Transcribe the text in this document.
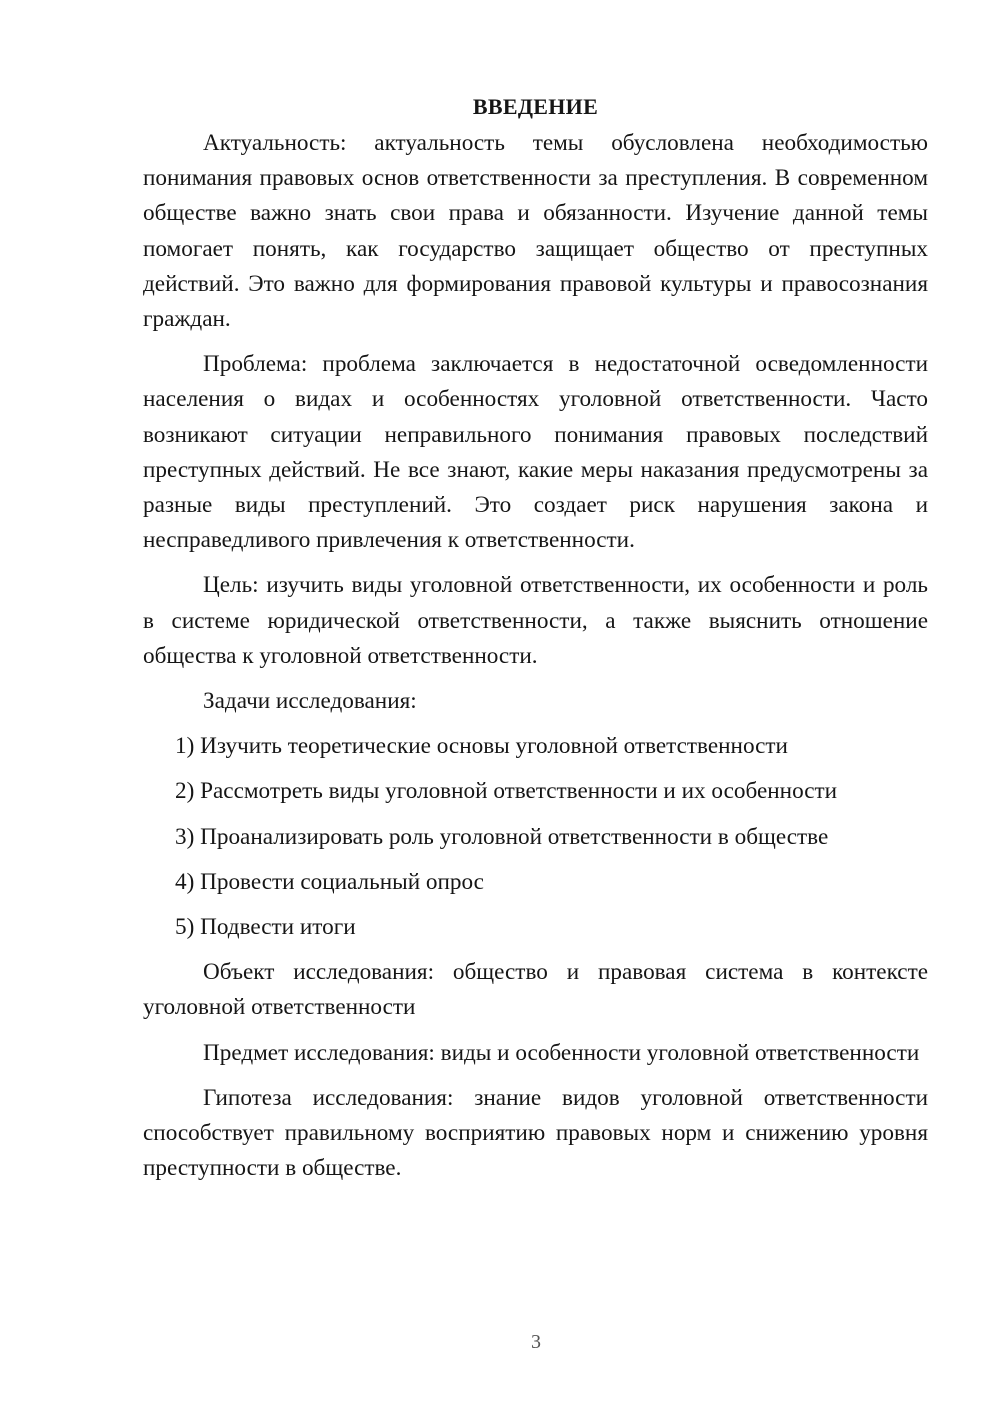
ВВЕДЕНИЕ

Актуальность: актуальность темы обусловлена необходимостью понимания правовых основ ответственности за преступления. В современном обществе важно знать свои права и обязанности. Изучение данной темы помогает понять, как государство защищает общество от преступных действий. Это важно для формирования правовой культуры и правосознания граждан.

Проблема: проблема заключается в недостаточной осведомленности населения о видах и особенностях уголовной ответственности. Часто возникают ситуации неправильного понимания правовых последствий преступных действий. Не все знают, какие меры наказания предусмотрены за разные виды преступлений. Это создает риск нарушения закона и несправедливого привлечения к ответственности.

Цель: изучить виды уголовной ответственности, их особенности и роль в системе юридической ответственности, а также выяснить отношение общества к уголовной ответственности.

Задачи исследования:

1) Изучить теоретические основы уголовной ответственности
2) Рассмотреть виды уголовной ответственности и их особенности
3) Проанализировать роль уголовной ответственности в обществе
4) Провести социальный опрос
5) Подвести итоги

Объект исследования: общество и правовая система в контексте уголовной ответственности

Предмет исследования: виды и особенности уголовной ответственности

Гипотеза исследования: знание видов уголовной ответственности способствует правильному восприятию правовых норм и снижению уровня преступности в обществе.

3
